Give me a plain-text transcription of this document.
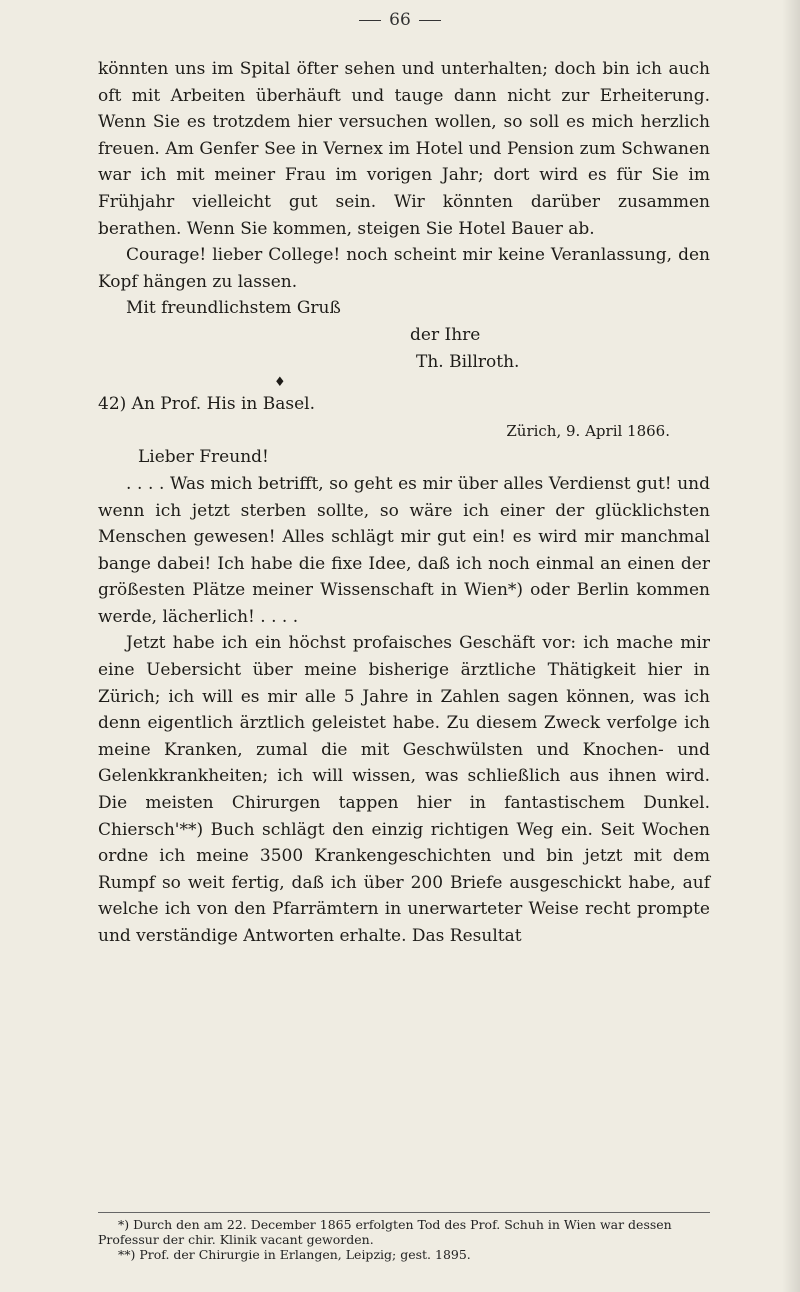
66

könnten uns im Spital öfter sehen und unterhalten; doch bin ich auch oft mit Arbeiten überhäuft und tauge dann nicht zur Erheiterung. Wenn Sie es trotzdem hier versuchen wollen, so soll es mich herzlich freuen. Am Genfer See in Vernex im Hotel und Pension zum Schwanen war ich mit meiner Frau im vorigen Jahr; dort wird es für Sie im Frühjahr vielleicht gut sein. Wir könnten darüber zusammen berathen. Wenn Sie kommen, steigen Sie Hotel Bauer ab.

Courage! lieber College! noch scheint mir keine Veranlassung, den Kopf hängen zu lassen.

Mit freundlichstem Gruß

der Ihre
Th. Billroth.
♦

42) An Prof. His in Basel.

Zürich, 9. April 1866.

Lieber Freund!

. . . . Was mich betrifft, so geht es mir über alles Verdienst gut! und wenn ich jetzt sterben sollte, so wäre ich einer der glücklichsten Menschen gewesen! Alles schlägt mir gut ein! es wird mir manchmal bange dabei! Ich habe die fixe Idee, daß ich noch einmal an einen der größesten Plätze meiner Wissenschaft in Wien*) oder Berlin kommen werde, lächerlich! . . . .

Jetzt habe ich ein höchst profaisches Geschäft vor: ich mache mir eine Uebersicht über meine bisherige ärztliche Thätigkeit hier in Zürich; ich will es mir alle 5 Jahre in Zahlen sagen können, was ich denn eigentlich ärztlich geleistet habe. Zu diesem Zweck verfolge ich meine Kranken, zumal die mit Geschwülsten und Knochen- und Gelenkkrankheiten; ich will wissen, was schließlich aus ihnen wird. Die meisten Chirurgen tappen hier in fantastischem Dunkel. Chiersch'**) Buch schlägt den einzig richtigen Weg ein. Seit Wochen ordne ich meine 3500 Krankengeschichten und bin jetzt mit dem Rumpf so weit fertig, daß ich über 200 Briefe ausgeschickt habe, auf welche ich von den Pfarrämtern in unerwarteter Weise recht prompte und verständige Antworten erhalte. Das Resultat

*) Durch den am 22. December 1865 erfolgten Tod des Prof. Schuh in Wien war dessen Professur der chir. Klinik vacant geworden.

**) Prof. der Chirurgie in Erlangen, Leipzig; gest. 1895.
